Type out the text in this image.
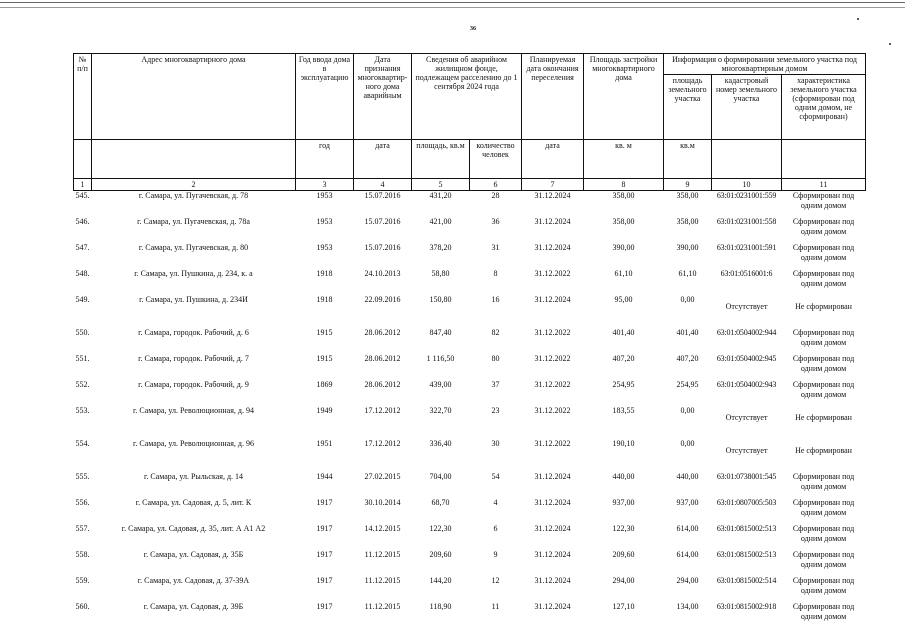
36
№ п/п	Адрес многоквартирного дома	Год ввода дома в эксплуатацию	Дата признания многоквартир-ного дома аварийным	Сведения об аварийном жилищном фонде, подлежащем расселению до 1 сентября 2024 года		Планируемая дата окончания переселения	Площадь застройки многоквартирного дома	Информация о формировании земельного участка под многоквартирным домом		
								площадь земельного участка	кадастровый номер земельного участка	характеристика земельного участка (сформирован под одним домом, не сформирован)
		год	дата	площадь, кв.м	количество человек	дата	кв. м	кв.м		
1	2	3	4	5	6	7	8	9	10	11
545.	г. Самара, ул. Пугачевская, д. 78	1953	15.07.2016	431,20	28	31.12.2024	358,00	358,00	63:01:0231001:559	Сформирован под одним домом
546.	г. Самара, ул. Пугачевская, д. 78а	1953	15.07.2016	421,00	36	31.12.2024	358,00	358,00	63:01:0231001:558	Сформирован под одним домом
547.	г. Самара, ул. Пугачевская, д. 80	1953	15.07.2016	378,20	31	31.12.2024	390,00	390,00	63:01:0231001:591	Сформирован под одним домом
548.	г. Самара, ул. Пушкина, д. 234, к. а	1918	24.10.2013	58,80	8	31.12.2022	61,10	61,10	63:01:0516001:6	Сформирован под одним домом
549.	г. Самара, ул. Пушкина, д. 234И	1918	22.09.2016	150,80	16	31.12.2024	95,00	0,00	Отсутствует	Не сформирован
550.	г. Самара, городок. Рабочий, д. 6	1915	28.06.2012	847,40	82	31.12.2022	401,40	401,40	63:01:0504002:944	Сформирован под одним домом
551.	г. Самара, городок. Рабочий, д. 7	1915	28.06.2012	1 116,50	80	31.12.2022	407,20	407,20	63:01:0504002:945	Сформирован под одним домом
552.	г. Самара, городок. Рабочий, д. 9	1869	28.06.2012	439,00	37	31.12.2022	254,95	254,95	63:01:0504002:943	Сформирован под одним домом
553.	г. Самара, ул. Революционная, д. 94	1949	17.12.2012	322,70	23	31.12.2022	183,55	0,00	Отсутствует	Не сформирован
554.	г. Самара, ул. Революционная, д. 96	1951	17.12.2012	336,40	30	31.12.2022	190,10	0,00	Отсутствует	Не сформирован
555.	г. Самара, ул. Рыльская, д. 14	1944	27.02.2015	704,00	54	31.12.2024	440,00	440,00	63:01:0738001:545	Сформирован под одним домом
556.	г. Самара, ул. Садовая, д. 5, лит. К	1917	30.10.2014	68,70	4	31.12.2024	937,00	937,00	63:01:0807005:503	Сформирован под одним домом
557.	г. Самара, ул. Садовая, д. 35, лит. А А1 А2	1917	14.12.2015	122,30	6	31.12.2024	122,30	614,00	63:01:0815002:513	Сформирован под одним домом
558.	г. Самара, ул. Садовая, д. 35Б	1917	11.12.2015	209,60	9	31.12.2024	209,60	614,00	63:01:0815002:513	Сформирован под одним домом
559.	г. Самара, ул. Садовая, д. 37-39А	1917	11.12.2015	144,20	12	31.12.2024	294,00	294,00	63:01:0815002:514	Сформирован под одним домом
560.	г. Самара, ул. Садовая, д. 39Б	1917	11.12.2015	118,90	11	31.12.2024	127,10	134,00	63:01:0815002:918	Сформирован под одним домом
